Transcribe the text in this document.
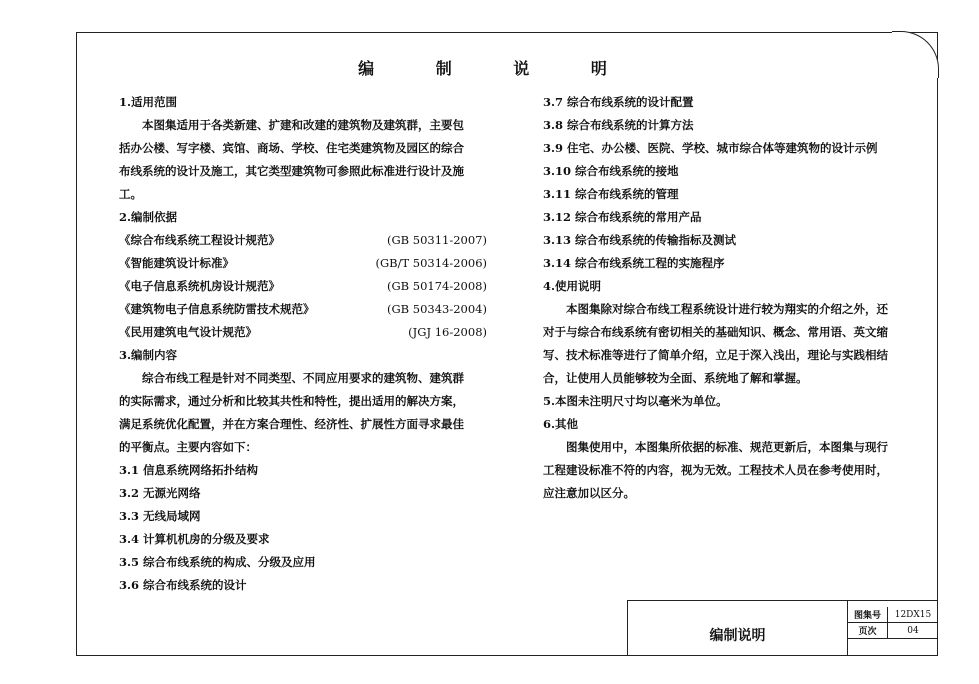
编 制 说 明
1.适用范围
本图集适用于各类新建、扩建和改建的建筑物及建筑群，主要包
括办公楼、写字楼、宾馆、商场、学校、住宅类建筑物及园区的综合
布线系统的设计及施工，其它类型建筑物可参照此标准进行设计及施
工。
2.编制依据
《综合布线系统工程设计规范》	(GB 50311-2007)
《智能建筑设计标准》	(GB/T 50314-2006)
《电子信息系统机房设计规范》	(GB 50174-2008)
《建筑物电子信息系统防雷技术规范》	(GB 50343-2004)
《民用建筑电气设计规范》	(JGJ 16-2008)
3.编制内容
综合布线工程是针对不同类型、不同应用要求的建筑物、建筑群
的实际需求，通过分析和比较其共性和特性，提出适用的解决方案，
满足系统优化配置，并在方案合理性、经济性、扩展性方面寻求最佳
的平衡点。主要内容如下：
3.1 信息系统网络拓扑结构
3.2 无源光网络
3.3 无线局域网
3.4 计算机机房的分级及要求
3.5 综合布线系统的构成、分级及应用
3.6 综合布线系统的设计
3.7 综合布线系统的设计配置
3.8 综合布线系统的计算方法
3.9 住宅、办公楼、医院、学校、城市综合体等建筑物的设计示例
3.10 综合布线系统的接地
3.11 综合布线系统的管理
3.12 综合布线系统的常用产品
3.13 综合布线系统的传输指标及测试
3.14 综合布线系统工程的实施程序
4.使用说明
本图集除对综合布线工程系统设计进行较为翔实的介绍之外，还
对于与综合布线系统有密切相关的基础知识、概念、常用语、英文缩
写、技术标准等进行了简单介绍，立足于深入浅出，理论与实践相结
合，让使用人员能够较为全面、系统地了解和掌握。
5.本图未注明尺寸均以毫米为单位。
6.其他
图集使用中，本图集所依据的标准、规范更新后，本图集与现行
工程建设标准不符的内容，视为无效。工程技术人员在参考使用时，
应注意加以区分。
编制说明
图集号	12DX15
页次	04
